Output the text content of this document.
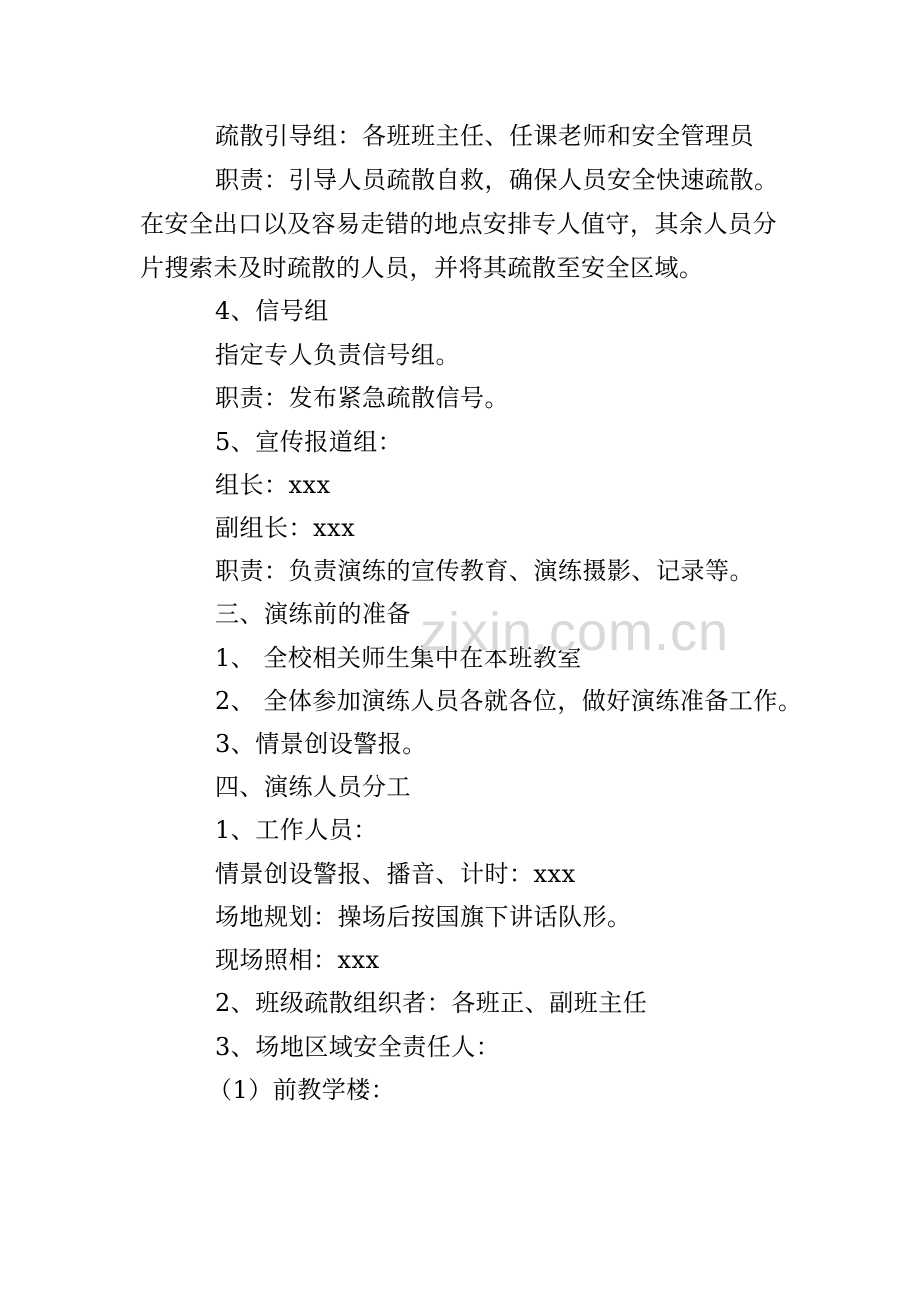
疏散引导组：各班班主任、任课老师和安全管理员
职责：引导人员疏散自救，确保人员安全快速疏散。
在安全出口以及容易走错的地点安排专人值守，其余人员分
片搜索未及时疏散的人员，并将其疏散至安全区域。
4、信号组
指定专人负责信号组。
职责：发布紧急疏散信号。
5、宣传报道组：
组长：xxx
副组长：xxx
职责：负责演练的宣传教育、演练摄影、记录等。
三、演练前的准备
1、 全校相关师生集中在本班教室
2、 全体参加演练人员各就各位，做好演练准备工作。
3、情景创设警报。
四、演练人员分工
1、工作人员：
情景创设警报、播音、计时：xxx
场地规划：操场后按国旗下讲话队形。
现场照相：xxx
2、班级疏散组织者：各班正、副班主任
3、场地区域安全责任人：
（1）前教学楼：
zixin.com.cn
